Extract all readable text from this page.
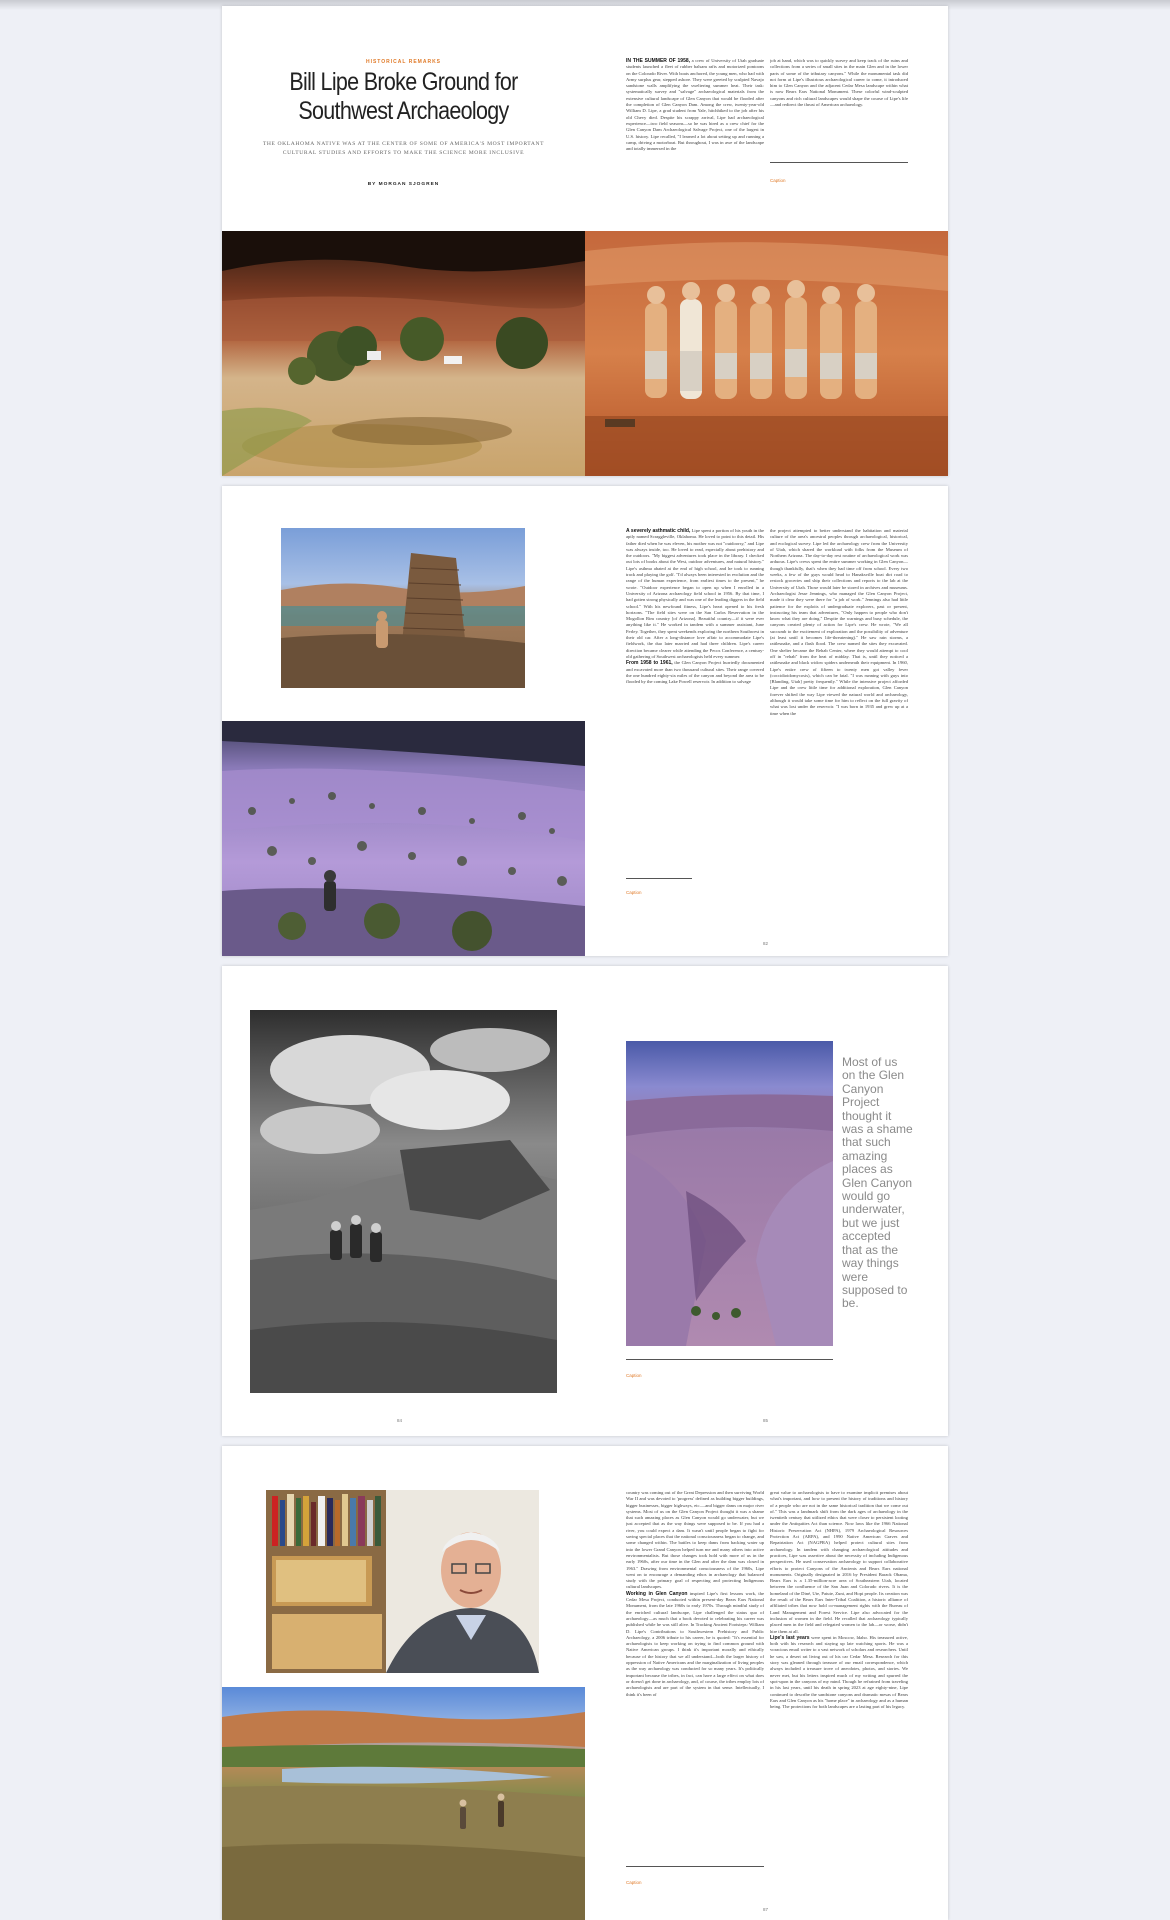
HISTORICAL REMARKS
Bill Lipe Broke Ground for
Southwest Archaeology
THE OKLAHOMA NATIVE WAS AT THE CENTER OF SOME OF AMERICA'S MOST IMPORTANT CULTURAL STUDIES AND EFFORTS TO MAKE THE SCIENCE MORE INCLUSIVE
BY MORGAN SJOGREN
IN THE SUMMER OF 1958, a crew of University of Utah graduate students launched a fleet of rubber balsam rafts and motorized pontoons on the Colorado River. With boats anchored, the young men, who had with Army surplus gear, stepped ashore. They were greeted by sculpted Navajo sandstone walls amplifying the sweltering summer heat. Their task: systematically survey and "salvage" archaeological materials from the extensive cultural landscape of Glen Canyon that would be flooded after the completion of Glen Canyon Dam. Among the crew, twenty-year-old William D. Lipe, a grad student from Yale, hitchhiked to the job after his old Chevy died. Despite his scrappy arrival, Lipe had archaeological experience—two field seasons—so he was hired as a crew chief for the Glen Canyon Dam Archaeological Salvage Project, one of the largest in U.S. history. Lipe recalled, "I learned a lot about setting up and running a camp, driving a motorboat. But throughout, I was in awe of the landscape and totally immersed in the
job at hand, which was to quickly survey and keep track of the ruins and collections from a series of small sites in the main Glen and in the lower parts of some of the tributary canyons." While the monumental task did not form at Lipe's illustrious archaeological career to come, it introduced him to Glen Canyon and the adjacent Cedar Mesa landscape within what is now Bears Ears National Monument. These colorful wind-sculpted canyons and rich cultural landscapes would shape the course of Lipe's life—and redirect the thrust of American archaeology.
Caption
A severely asthmatic child, Lipe spent a portion of his youth in the aptly named Scraggleville, Oklahoma. He loved to point to this detail. His father died when he was eleven, his mother was not "outdoorsy," and Lipe was always inside, too. He loved to read, especially about prehistory and the outdoors. "My biggest adventures took place in the library. I checked out lots of books about the West, outdoor adventures, and natural history." Lipe's asthma abated at the end of high school, and he took to running track and playing the golf. "I'd always been interested in evolution and the range of the human experience, from earliest times to the present," he wrote. "Outdoor experience began to open up when I enrolled in a University of Arizona archaeology field school in 1956. By that time, I had gotten strong physically and was one of the leading diggers in the field school." With his newfound fitness, Lipe's heart opened to his fresh horizons. "The field sites were on the San Carlos Reservation in the Mogollon Rim country [of Arizona]. Beautiful country—if it were ever anything like it." He worked in tandem with a summer assistant, June Ferley. Together, they spent weekends exploring the northern Southwest in their old car. After a long-distance love affair to accommodate Lipe's fieldwork, the duo later married and had three children. Lipe's career direction became clearer while attending the Pecos Conference, a century-old gathering of Southwest archaeologists held every summer.
From 1958 to 1961, the Glen Canyon Project hurriedly documented and excavated more than two thousand cultural sites. Their range covered the one hundred eighty-six miles of the canyon and beyond the area to be flooded by the coming Lake Powell reservoir. In addition to salvage
Caption
the project attempted to better understand the habitation and material culture of the area's ancestral peoples through archaeological, historical, and ecological survey. Lipe led the archaeology crew from the University of Utah, which shared the workload with folks from the Museum of Northern Arizona. The day-to-day rest routine of archaeological work was arduous. Lipe's crews spent the entire summer working in Glen Canyon—though thankfully, that's when they had time off from school. Every two weeks, a few of the guys would head to Hanaksville boat dirt road to restock groceries and ship their collections and reports to the lab at the University of Utah. Those would later be stored in archives and museums. Archaeologist Jesse Jennings, who managed the Glen Canyon Project, made it clear they were there for "a job of work." Jennings also had little patience for the exploits of undergraduate explorers, past or present, instructing his team that adventures, "Only happen to people who don't know what they are doing." Despite the warnings and busy schedule, the canyons created plenty of action for Lipe's crew. He wrote, "We all succumb to the excitement of exploration and the possibility of adventure (at least until it becomes life-threatening)." He saw rain storms, a rattlesnake, and a flash flood. The crew named the sites they excavated. One shelter became the Rehab Center, where they would attempt to cool off in "rehab" from the heat of midday. That is, until they noticed a rattlesnake and black widow spiders underneath their equipment. In 1960, Lipe's entire crew of fifteen to twenty men got valley fever (coccidioidomycosis), which can be fatal. "I was running with guys into [Blanding, Utah] pretty frequently." While the intensive project afforded Lipe and the crew little time for additional exploration, Glen Canyon forever shifted the way Lipe viewed the natural world and archaeology, although it would take some time for him to reflect on the full gravity of what was lost under the reservoir. "I was born in 1935 and grew up at a time when the
82
84
Most of us on the Glen Canyon Project thought it was a shame that such amazing places as Glen Canyon would go underwater, but we just accepted that as the way things were supposed to be.
Caption
85
country was coming out of the Great Depression and then surviving World War II and was devoted to 'progress' defined as building bigger buildings, bigger businesses, bigger highways, etc.—and bigger dams on major river systems. Most of us on the Glen Canyon Project thought it was a shame that such amazing places as Glen Canyon would go underwater, but we just accepted that as the way things were supposed to be. If you had a river, you could expect a dam. It wasn't until people began to fight for saving special places that the national consciousness began to change, and some changed within. The battles to keep dams from backing water up into the lower Grand Canyon helped turn me and many others into active environmentalists. But those changes took hold with more of us in the early 1960s, after our time in the Glen and after the dam was closed in 1963." Drawing from environmental consciousness of the 1960s, Lipe went on to encourage a demanding ethos in archaeology that balanced study with the primary goal of respecting and protecting Indigenous cultural landscapes.
Working in Glen Canyon inspired Lipe's first lessons work, the Cedar Mesa Project, conducted within present-day Bears Ears National Monument, from the late 1960s to early 1970s. Through mindful study of the enriched cultural landscape, Lipe challenged the status quo of archaeology—as much that a book devoted to celebrating his career was published while he was still alive. In Tracking Ancient Footsteps: William D. Lipe's Contributions to Southwestern Prehistory and Public Archaeology, a 2006 tribute to his career, he is quoted: "It's essential for archaeologists to keep working on trying to find common ground with Native American groups. I think it's important morally and ethically because of the history that we all understand—both the larger history of oppression of Native Americans and the marginalization of living peoples as the way archaeology was conducted for so many years. It's politically important because the tribes, in fact, can have a large effect on what does or doesn't get done in archaeology, and, of course, the tribes employ lots of archaeologists and are part of the system in that sense. Intellectually, I think it's been of
Caption
great value to archaeologists to have to examine implicit premises about what's important, and how to present the history of traditions and history of a people who are not in the same historical tradition that we come out of." This was a landmark shift from the dark ages of archaeology in the twentieth century that utilized ethics that were closer to persistent looting under the Antiquities Act than science. Now laws like the 1966 National Historic Preservation Act (NHPA), 1979 Archaeological Resources Protection Act (ARPA), and 1990 Native American Graves and Repatriation Act (NAGPRA) helped protect cultural sites from archaeology. In tandem with changing archaeological attitudes and practices, Lipe was assertive about the necessity of including Indigenous perspectives. He used conservation archaeology to support collaborative efforts to protect Canyons of the Ancients and Bears Ears national monuments. Originally designated in 2016 by President Barack Obama, Bears Ears is a 1.35-million-acre area of Southeastern Utah, located between the confluence of the San Juan and Colorado rivers. It is the homeland of the Diné, Ute, Paiute, Zuni, and Hopi people. Its creation was the result of the Bears Ears Inter-Tribal Coalition, a historic alliance of affiliated tribes that now hold co-management rights with the Bureau of Land Management and Forest Service. Lipe also advocated for the inclusion of women in the field. He recalled that archaeology typically placed men in the field and relegated women to the lab—or worse, didn't hire them at all.
Lipe's last years were spent in Moscow, Idaho. His treasured active, both with his research and staying up late watching sports. He was a voracious email writer to a vast network of scholars and researchers. Until he saw, a desert rat living out of his car Cedar Mesa. Research for this story was gleaned through treasure of our email correspondence, which always included a treasure trove of anecdotes, photos, and stories. We never met, but his letters inspired much of my writing and spurred the spot-upon in the canyons of my mind. Though he refrained from traveling in his last years, until his death in spring 2023 at age eighty-nine, Lipe continued to describe the sandstone canyons and dramatic mesas of Bears Ears and Glen Canyon as his "home place" in archaeology and as a human being. The protections for both landscapes are a lasting part of his legacy.
87
